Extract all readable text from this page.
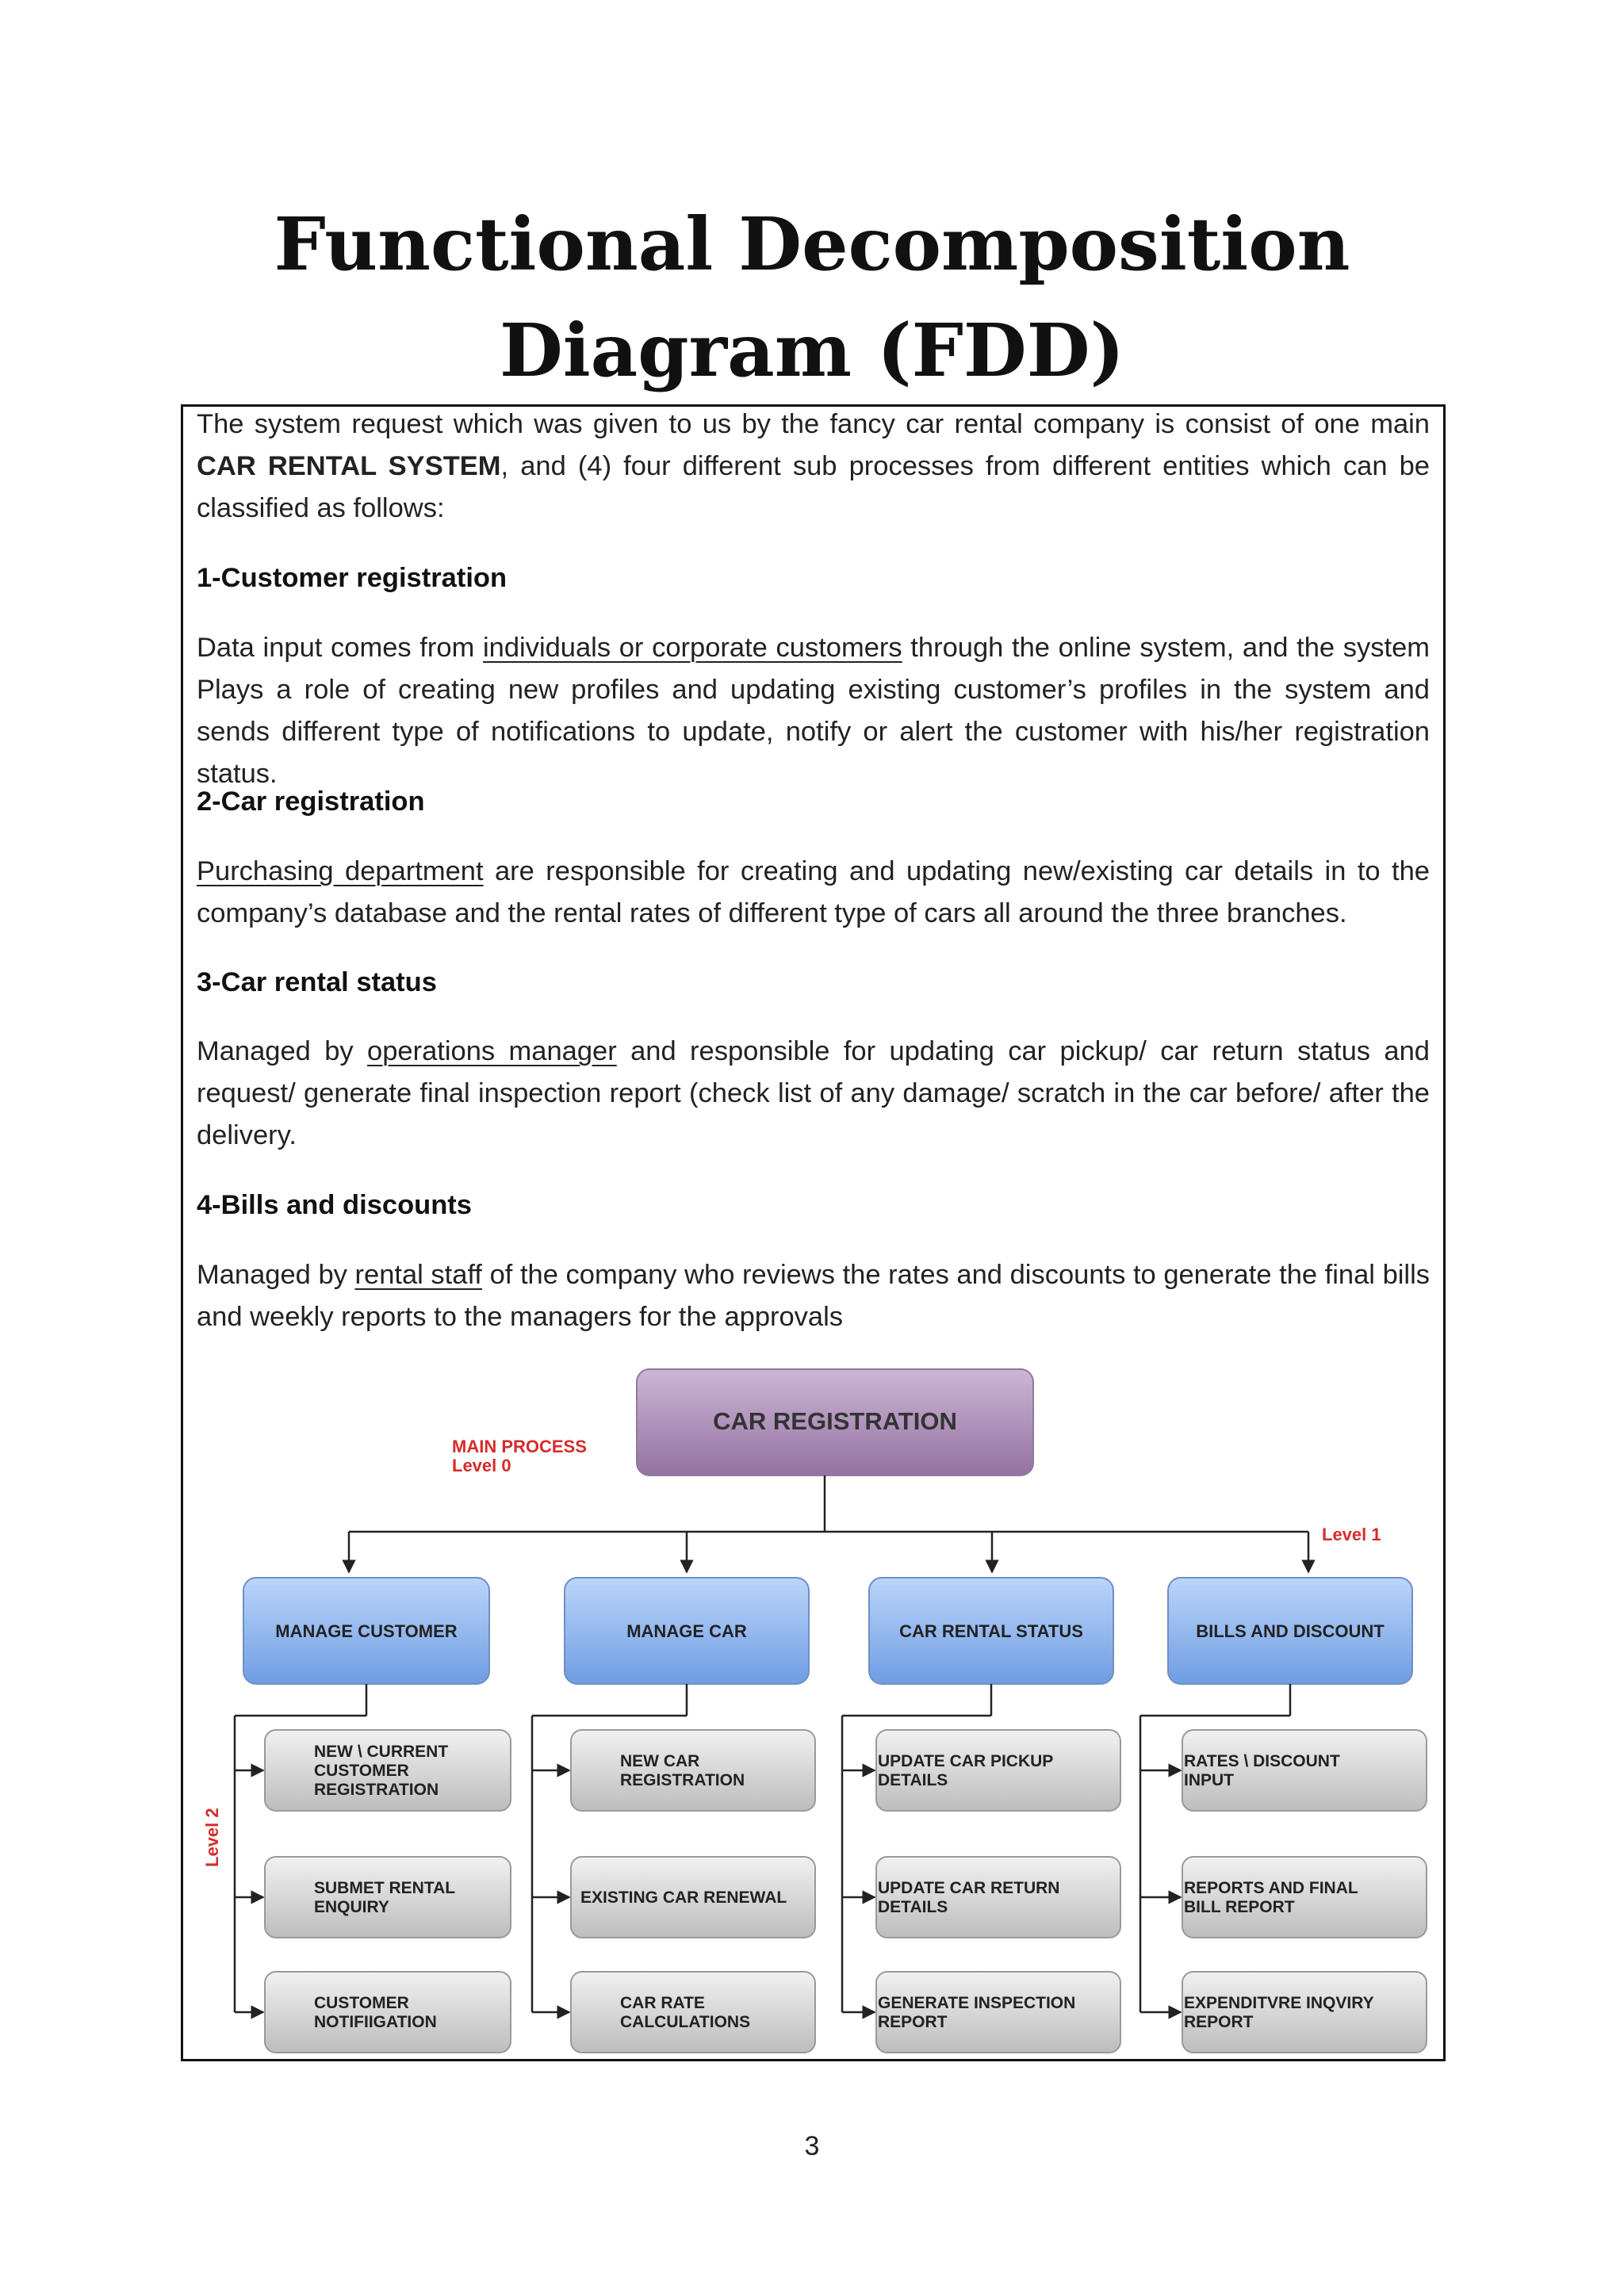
Functional Decomposition
Diagram (FDD)
The system request which was given to us by the fancy car rental company is consist of one main CAR RENTAL SYSTEM, and (4) four different sub processes from different entities which can be classified as follows:
1-Customer registration
Data input comes from individuals or corporate customers through the online system, and the system Plays a role of creating new profiles and updating existing customer’s profiles in the system and sends different type of notifications to update, notify or alert the customer with his/her registration status.
2-Car registration
Purchasing department are responsible for creating and updating new/existing car details in to the company’s database and the rental rates of different type of cars all around the three branches.
3-Car rental status
Managed by operations manager and responsible for updating car pickup/ car return status and request/ generate final inspection report (check list of any damage/ scratch in the car before/ after the delivery.
4-Bills and discounts
Managed by rental staff of the company who reviews the rates and discounts to generate the final bills and weekly reports to the managers for the approvals
CAR REGISTRATION
MAIN PROCESS
Level 0
Level 1
Level 2
MANAGE CUSTOMER
NEW \ CURRENT
CUSTOMER
REGISTRATION
SUBMET RENTAL
ENQUIRY
CUSTOMER
NOTIFIIGATION
MANAGE CAR
NEW CAR
REGISTRATION
EXISTING CAR RENEWAL
CAR RATE
CALCULATIONS
CAR RENTAL STATUS
UPDATE CAR PICKUP
DETAILS
UPDATE CAR RETURN
DETAILS
GENERATE INSPECTION
REPORT
BILLS AND DISCOUNT
RATES \ DISCOUNT
INPUT
REPORTS AND FINAL
BILL REPORT
EXPENDITVRE INQVIRY
REPORT
3
